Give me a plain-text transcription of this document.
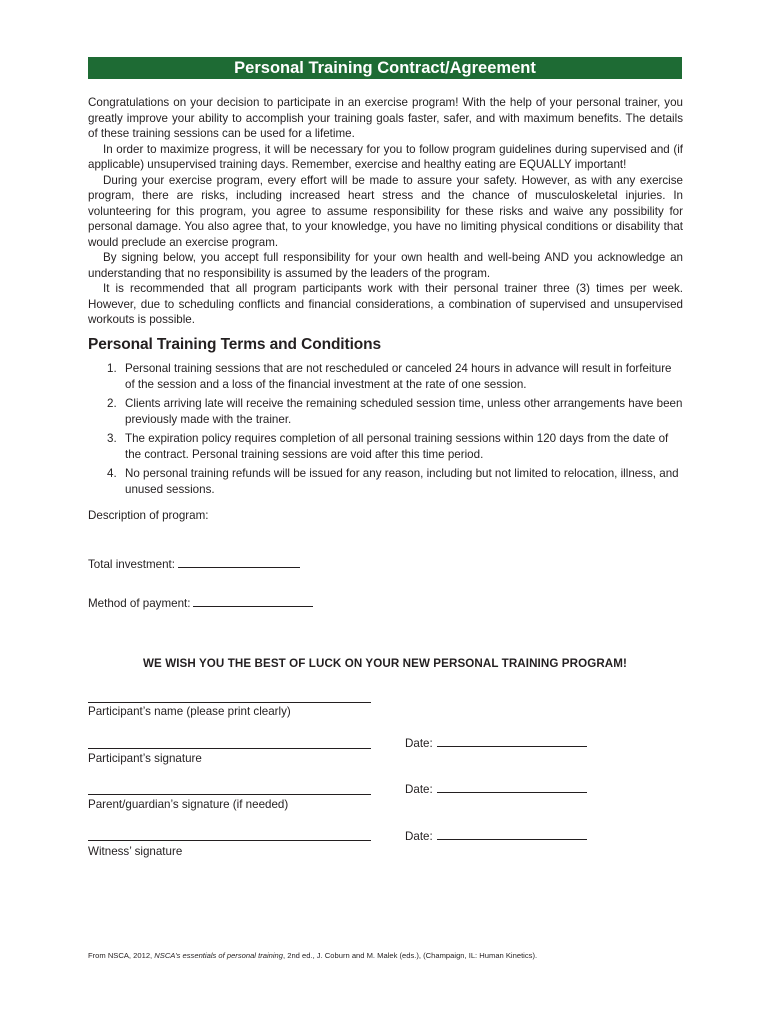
Personal Training Contract/Agreement

Congratulations on your decision to participate in an exercise program! With the help of your personal trainer, you greatly improve your ability to accomplish your training goals faster, safer, and with maximum benefits. The details of these training sessions can be used for a lifetime.

In order to maximize progress, it will be necessary for you to follow program guidelines during supervised and (if applicable) unsupervised training days. Remember, exercise and healthy eating are EQUALLY important!

During your exercise program, every effort will be made to assure your safety. However, as with any exercise program, there are risks, including increased heart stress and the chance of musculoskeletal injuries. In volunteering for this program, you agree to assume responsibility for these risks and waive any possibility for personal damage. You also agree that, to your knowledge, you have no limiting physical conditions or disability that would preclude an exercise program.

By signing below, you accept full responsibility for your own health and well-being AND you acknowledge an understanding that no responsibility is assumed by the leaders of the program.

It is recommended that all program participants work with their personal trainer three (3) times per week. However, due to scheduling conflicts and financial considerations, a combination of supervised and unsupervised workouts is possible.

Personal Training Terms and Conditions
1. Personal training sessions that are not rescheduled or canceled 24 hours in advance will result in forfeiture of the session and a loss of the financial investment at the rate of one session.
2. Clients arriving late will receive the remaining scheduled session time, unless other arrangements have been previously made with the trainer.
3. The expiration policy requires completion of all personal training sessions within 120 days from the date of the contract. Personal training sessions are void after this time period.
4. No personal training refunds will be issued for any reason, including but not limited to relocation, illness, and unused sessions.
Description of program:
Total investment:
Method of payment:
WE WISH YOU THE BEST OF LUCK ON YOUR NEW PERSONAL TRAINING PROGRAM!
Participant’s name (please print clearly)
Participant’s signature
Date:
Parent/guardian’s signature (if needed)
Date:
Witness’ signature
Date:
From NSCA, 2012, NSCA’s essentials of personal training, 2nd ed., J. Coburn and M. Malek (eds.), (Champaign, IL: Human Kinetics).
